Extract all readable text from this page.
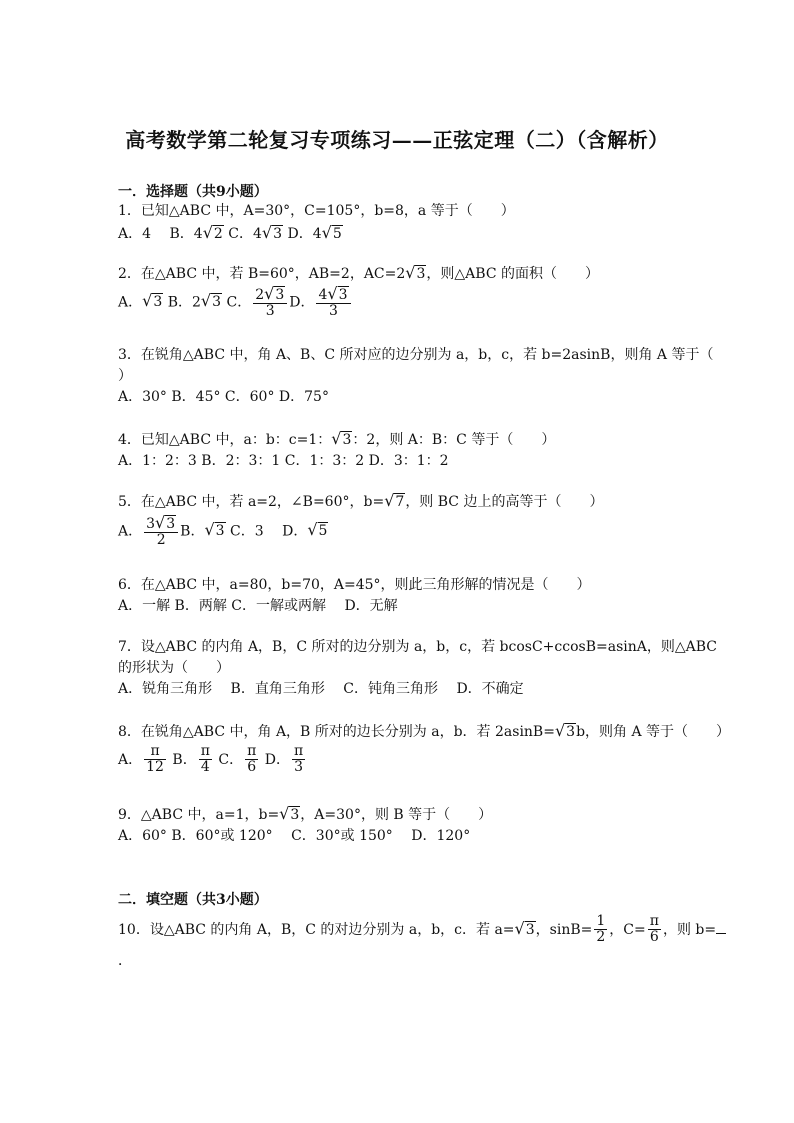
高考数学第二轮复习专项练习——正弦定理（二）（含解析）
一．选择题（共9小题）
1．已知△ABC 中，A=30°，C=105°，b=8，a 等于（　　）
A．4　 B．4√2 C．4√3 D．4√5
2．在△ABC 中，若 B=60°，AB=2，AC=2√3，则△ABC 的面积（　　）
A．√3 B．2√3 C． $\frac{2√3}{3}$ D． $\frac{4√3}{3}$
3．在锐角△ABC 中，角 A、B、C 所对应的边分别为 a，b，c，若 b=2asinB，则角 A 等于（
）
A．30° B．45° C．60° D．75°
4．已知△ABC 中，a：b：c=1：√3：2，则 A：B：C 等于（　　）
A．1：2：3 B．2：3：1 C．1：3：2 D．3：1：2
5．在△ABC 中，若 a=2，∠B=60°，b=√7，则 BC 边上的高等于（　　）
A． $\frac{3√3}{2}$ B．√3 C．3　 D．√5
6．在△ABC 中，a=80，b=70，A=45°，则此三角形解的情况是（　　）
A．一解 B．两解 C．一解或两解　 D．无解
7．设△ABC 的内角 A，B，C 所对的边分别为 a，b，c，若 bcosC+ccosB=asinA，则△ABC
的形状为（　　）
A．锐角三角形　 B．直角三角形　 C．钝角三角形　 D．不确定
8．在锐角△ABC 中，角 A，B 所对的边长分别为 a，b．若 2asinB=√3b，则角 A 等于（　　）
A． $\frac{\pi}{12}$ B． $\frac{\pi}{4}$ C． $\frac{\pi}{6}$ D． $\frac{\pi}{3}$
9．△ABC 中，a=1，b=√3，A=30°，则 B 等于（　　）
A．60° B．60°或 120°　 C．30°或 150°　 D．120°
二．填空题（共3小题）
10．设△ABC 的内角 A，B，C 的对边分别为 a，b，c．若 a=√3，$\sin B= \frac{1}{2}$ ，$C= \frac{\pi}{6}$ ，则 b=
．
